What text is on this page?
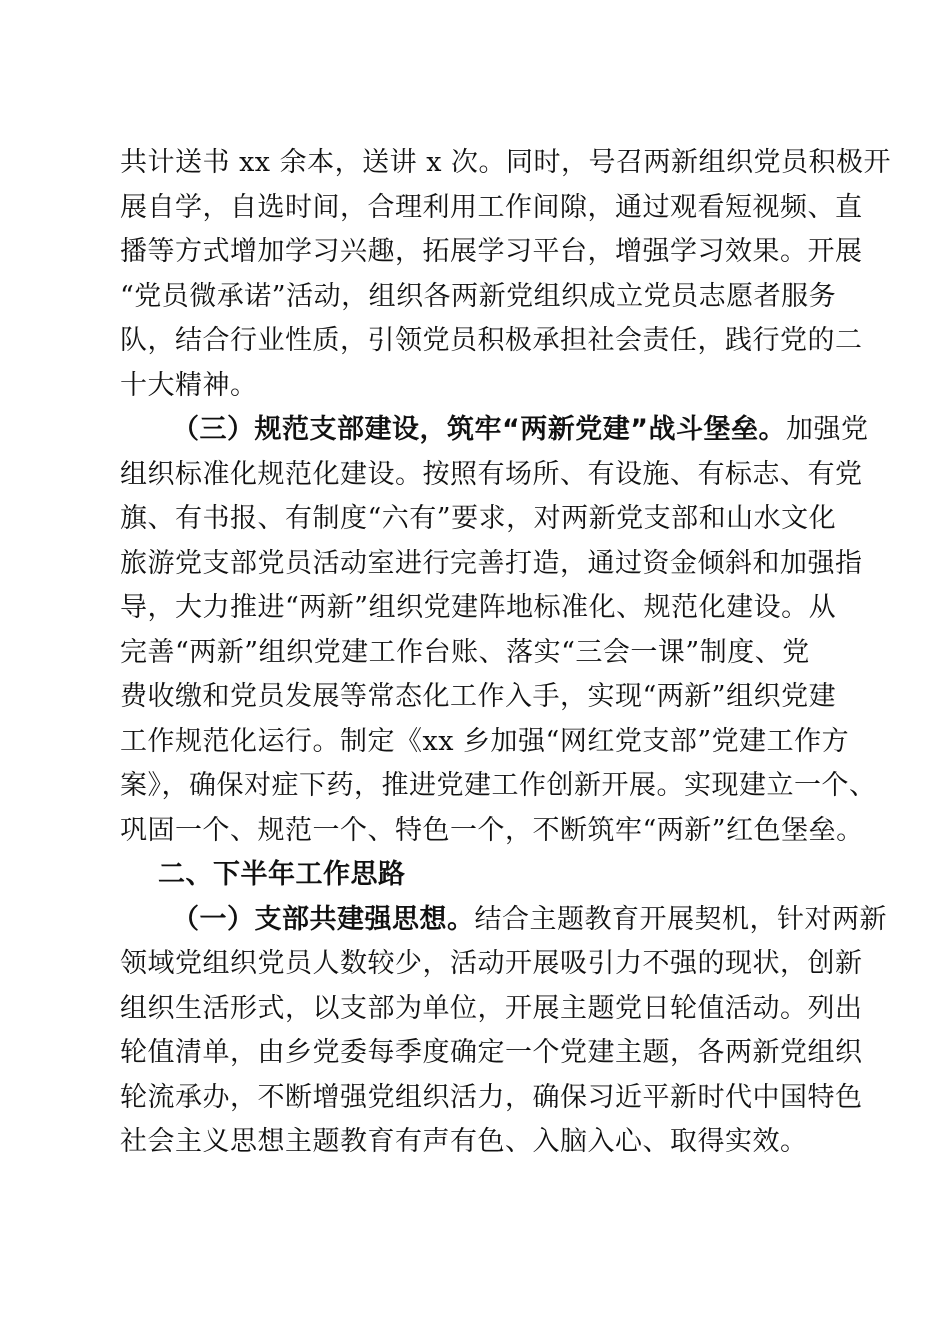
共计送书 xx 余本，送讲 x 次。同时，号召两新组织党员积极开
展自学，自选时间，合理利用工作间隙，通过观看短视频、直
播等方式增加学习兴趣，拓展学习平台，增强学习效果。开展
“党员微承诺”活动，组织各两新党组织成立党员志愿者服务
队，结合行业性质，引领党员积极承担社会责任，践行党的二
十大精神。
（三）规范支部建设，筑牢“两新党建”战斗堡垒。加强党
组织标准化规范化建设。按照有场所、有设施、有标志、有党
旗、有书报、有制度“六有”要求，对两新党支部和山水文化
旅游党支部党员活动室进行完善打造，通过资金倾斜和加强指
导，大力推进“两新”组织党建阵地标准化、规范化建设。从
完善“两新”组织党建工作台账、落实“三会一课”制度、党
费收缴和党员发展等常态化工作入手，实现“两新”组织党建
工作规范化运行。制定《xx 乡加强“网红党支部”党建工作方
案》，确保对症下药，推进党建工作创新开展。实现建立一个、
巩固一个、规范一个、特色一个，不断筑牢“两新”红色堡垒。
二、下半年工作思路
（一）支部共建强思想。结合主题教育开展契机，针对两新
领域党组织党员人数较少，活动开展吸引力不强的现状，创新
组织生活形式，以支部为单位，开展主题党日轮值活动。列出
轮值清单，由乡党委每季度确定一个党建主题，各两新党组织
轮流承办，不断增强党组织活力，确保习近平新时代中国特色
社会主义思想主题教育有声有色、入脑入心、取得实效。
